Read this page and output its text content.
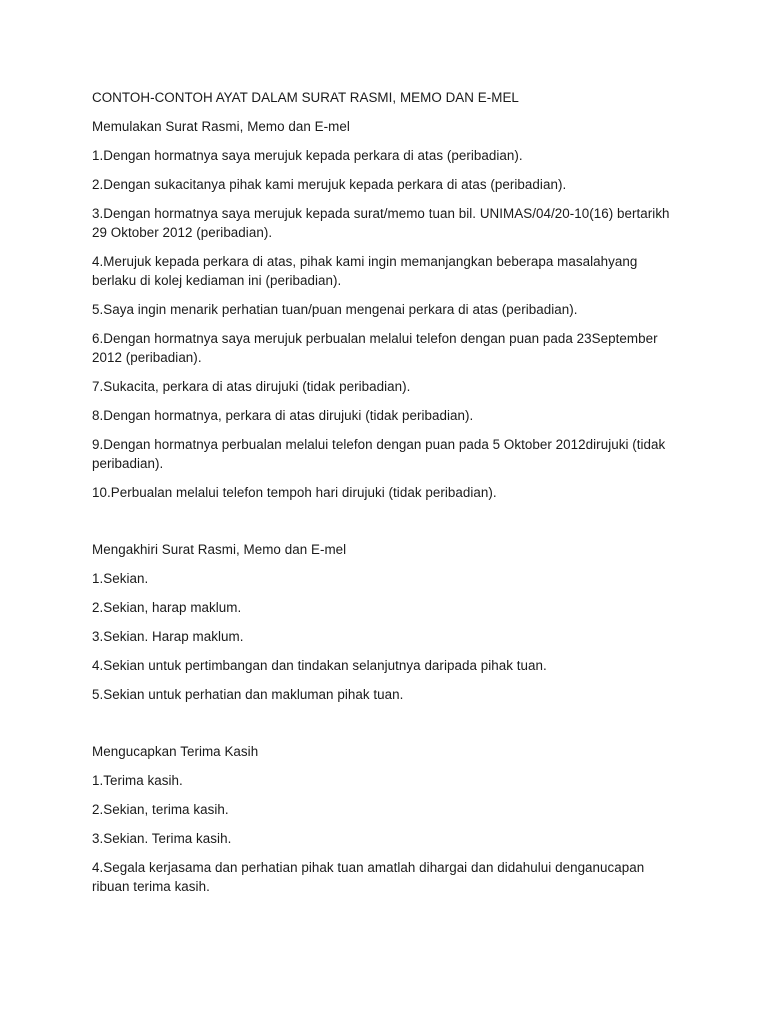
CONTOH-CONTOH AYAT DALAM SURAT RASMI, MEMO DAN E-MEL

Memulakan Surat Rasmi, Memo dan E-mel

1.Dengan hormatnya saya merujuk kepada perkara di atas (peribadian).

2.Dengan sukacitanya pihak kami merujuk kepada perkara di atas (peribadian).

3.Dengan hormatnya saya merujuk kepada surat/memo tuan bil. UNIMAS/04/20-10(16) bertarikh 29 Oktober 2012 (peribadian).

4.Merujuk kepada perkara di atas, pihak kami ingin memanjangkan beberapa masalahyang berlaku di kolej kediaman ini (peribadian).

5.Saya ingin menarik perhatian tuan/puan mengenai perkara di atas (peribadian).

6.Dengan hormatnya saya merujuk perbualan melalui telefon dengan puan pada 23September 2012 (peribadian).

7.Sukacita, perkara di atas dirujuki (tidak peribadian).

8.Dengan hormatnya, perkara di atas dirujuki (tidak peribadian).

9.Dengan hormatnya perbualan melalui telefon dengan puan pada 5 Oktober 2012dirujuki (tidak peribadian).

10.Perbualan melalui telefon tempoh hari dirujuki (tidak peribadian).

Mengakhiri Surat Rasmi, Memo dan E-mel

1.Sekian.

2.Sekian, harap maklum.

3.Sekian. Harap maklum.

4.Sekian untuk pertimbangan dan tindakan selanjutnya daripada pihak tuan.

5.Sekian untuk perhatian dan makluman pihak tuan.

Mengucapkan Terima Kasih

1.Terima kasih.

2.Sekian, terima kasih.

3.Sekian. Terima kasih.

4.Segala kerjasama dan perhatian pihak tuan amatlah dihargai dan didahului denganucapan ribuan terima kasih.
